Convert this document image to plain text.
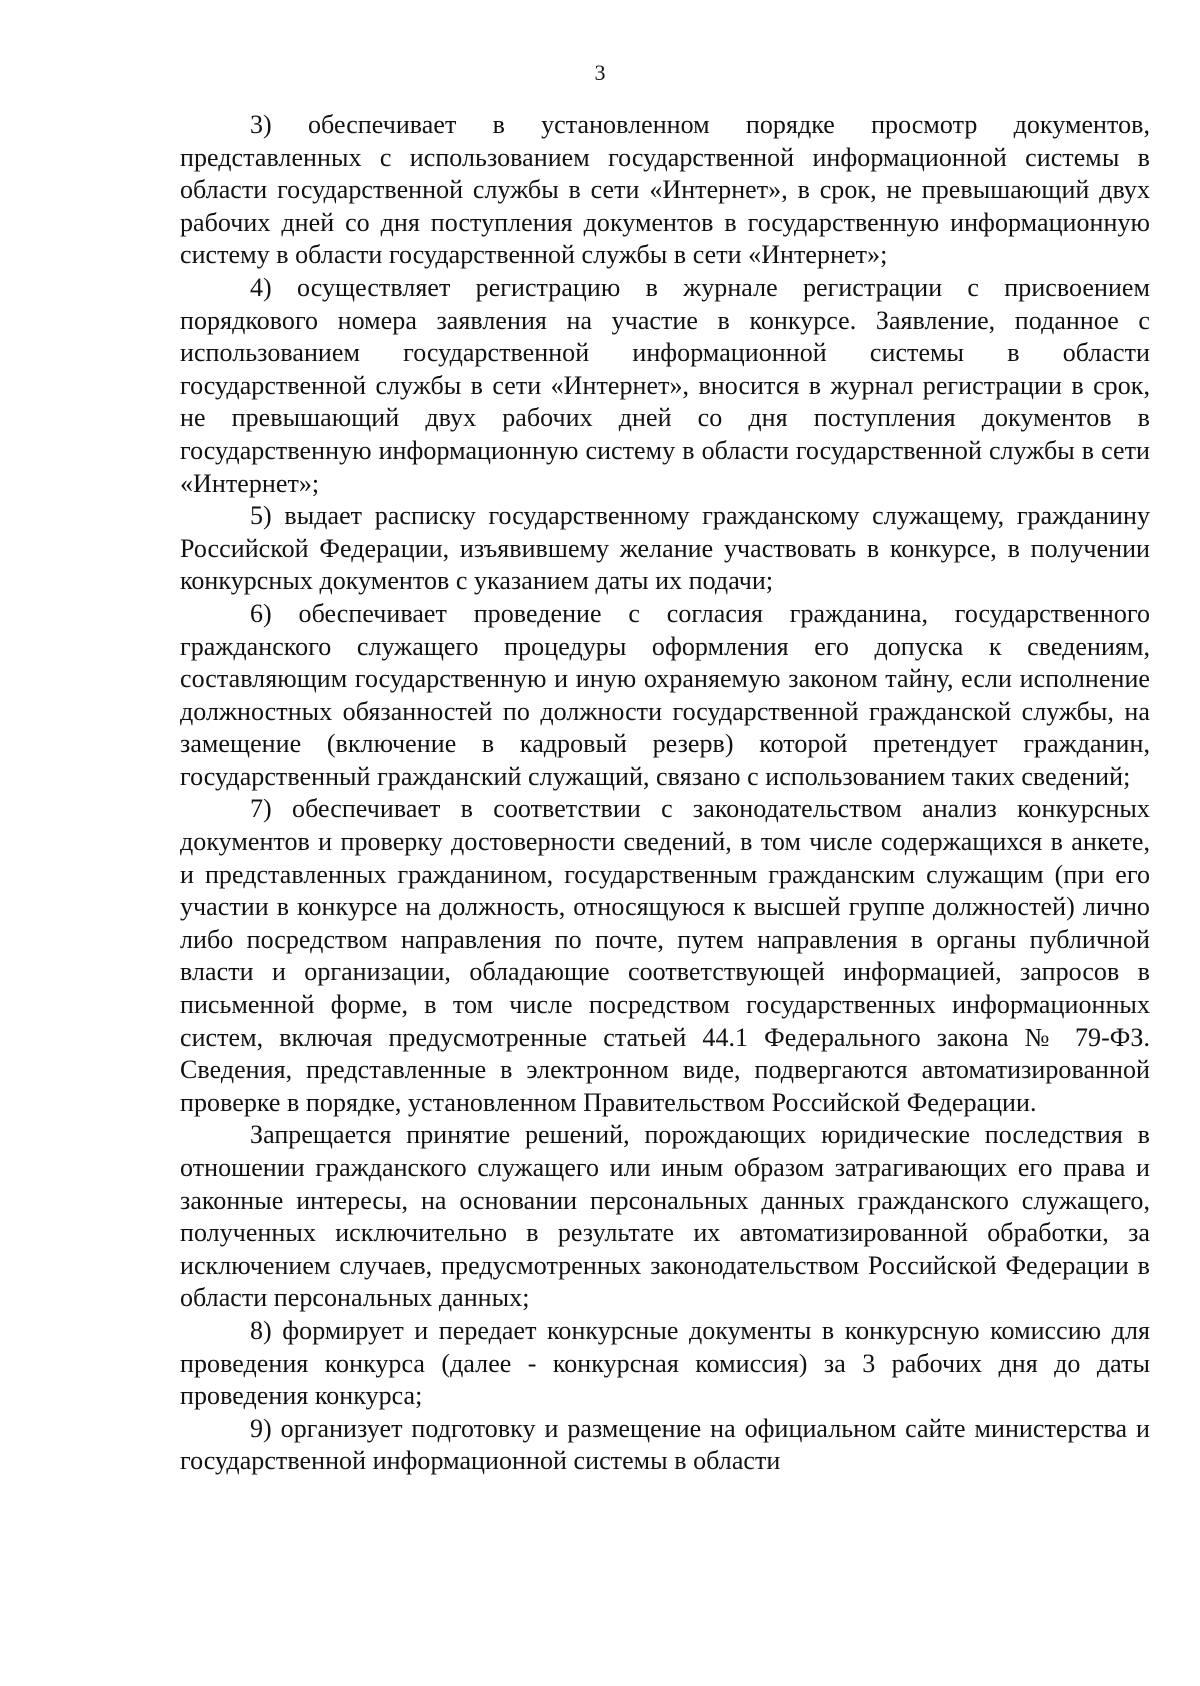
3

3) обеспечивает в установленном порядке просмотр документов, представленных с использованием государственной информационной системы в области государственной службы в сети «Интернет», в срок, не превышающий двух рабочих дней со дня поступления документов в государственную информационную систему в области государственной службы в сети «Интернет»;

4) осуществляет регистрацию в журнале регистрации с присвоением порядкового номера заявления на участие в конкурсе. Заявление, поданное с использованием государственной информационной системы в области государственной службы в сети «Интернет», вносится в журнал регистрации в срок, не превышающий двух рабочих дней со дня поступления документов в государственную информационную систему в области государственной службы в сети «Интернет»;

5) выдает расписку государственному гражданскому служащему, гражданину Российской Федерации, изъявившему желание участвовать в конкурсе, в получении конкурсных документов с указанием даты их подачи;

6) обеспечивает проведение с согласия гражданина, государственного гражданского служащего процедуры оформления его допуска к сведениям, составляющим государственную и иную охраняемую законом тайну, если исполнение должностных обязанностей по должности государственной гражданской службы, на замещение (включение в кадровый резерв) которой претендует гражданин, государственный гражданский служащий, связано с использованием таких сведений;

7) обеспечивает в соответствии с законодательством анализ конкурсных документов и проверку достоверности сведений, в том числе содержащихся в анкете, и представленных гражданином, государственным гражданским служащим (при его участии в конкурсе на должность, относящуюся к высшей группе должностей) лично либо посредством направления по почте, путем направления в органы публичной власти и организации, обладающие соответствующей информацией, запросов в письменной форме, в том числе посредством государственных информационных систем, включая предусмотренные статьей 44.1 Федерального закона № 79-ФЗ. Сведения, представленные в электронном виде, подвергаются автоматизированной проверке в порядке, установленном Правительством Российской Федерации.

Запрещается принятие решений, порождающих юридические последствия в отношении гражданского служащего или иным образом затрагивающих его права и законные интересы, на основании персональных данных гражданского служащего, полученных исключительно в результате их автоматизированной обработки, за исключением случаев, предусмотренных законодательством Российской Федерации в области персональных данных;

8) формирует и передает конкурсные документы в конкурсную комиссию для проведения конкурса (далее - конкурсная комиссия) за 3 рабочих дня до даты проведения конкурса;

9) организует подготовку и размещение на официальном сайте министерства и государственной информационной системы в области
